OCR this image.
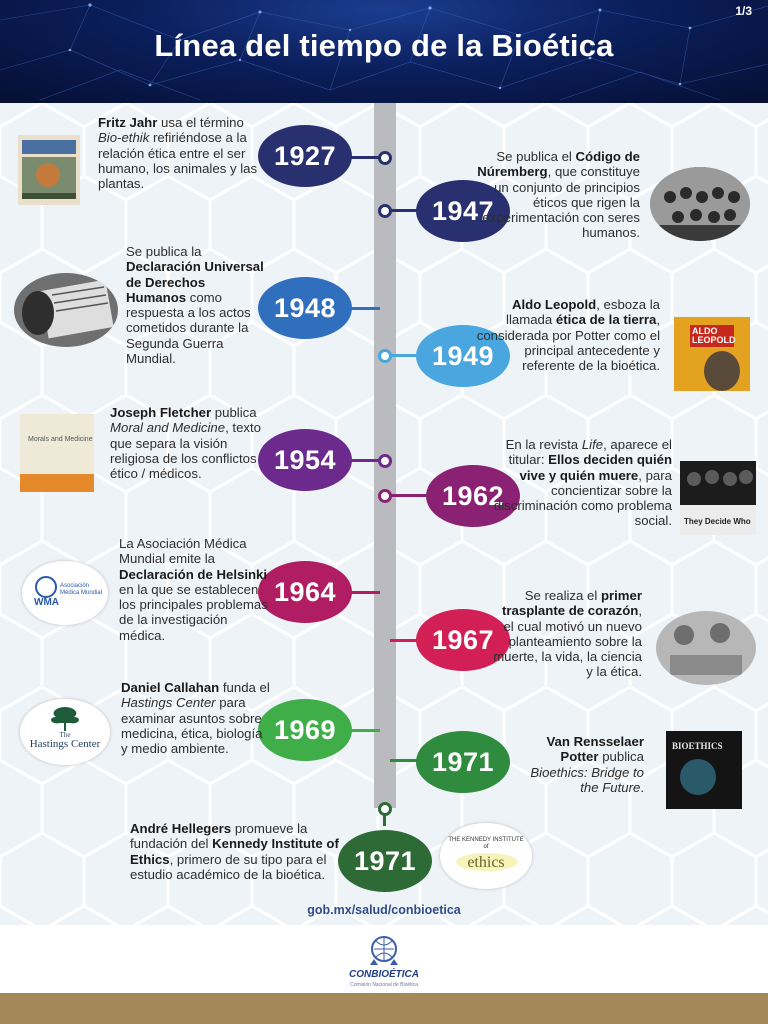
1/3
Línea del tiempo de la Bioética
1927
Fritz Jahr usa el término Bio-ethik refiriéndose a la relación ética entre el ser humano, los animales y las plantas.
1947
Se publica el Código de Núremberg, que constituye un conjunto de principios éticos que rigen la experimentación con seres humanos.
1948
Se publica la Declaración Universal de Derechos Humanos como respuesta a los actos cometidos durante la Segunda Guerra Mundial.	1949
Aldo Leopold, esboza la llamada ética de la tierra, considerada por Potter como el principal antecedente y referente de la bioética.
ALDO LEOPOLD
1954
Joseph Fletcher publica Moral and Medicine, texto que separa la visión religiosa de los conflictos ético / médicos.
Morals and Medicine
1962
En la revista Life, aparece el titular: Ellos deciden quién vive y quién muere, para concientizar sobre la discriminación como problema social. They Decide Who
1964
La Asociación Médica Mundial emite la Declaración de Helsinki en la que se establecen los principales problemas de la investigación médica.
WMA
Asociación Médica Mundial
1967
Se realiza el primer trasplante de corazón, el cual motivó un nuevo planteamiento sobre la muerte, la vida, la ciencia y la ética.
1969
Daniel Callahan funda el Hastings Center para examinar asuntos sobre medicina, ética, biología y medio ambiente.
The
Hastings Center
1971
Van Rensselaer Potter publica Bioethics: Bridge to the Future.
BIOETHICS
1971
André Hellegers promueve la fundación del Kennedy Institute of Ethics, primero de su tipo para el estudio académico de la bioética.
THE KENNEDY INSTITUTE of
ethics
gob.mx/salud/conbioetica
CONBIOÉTICA
Comisión Nacional de Bioética
